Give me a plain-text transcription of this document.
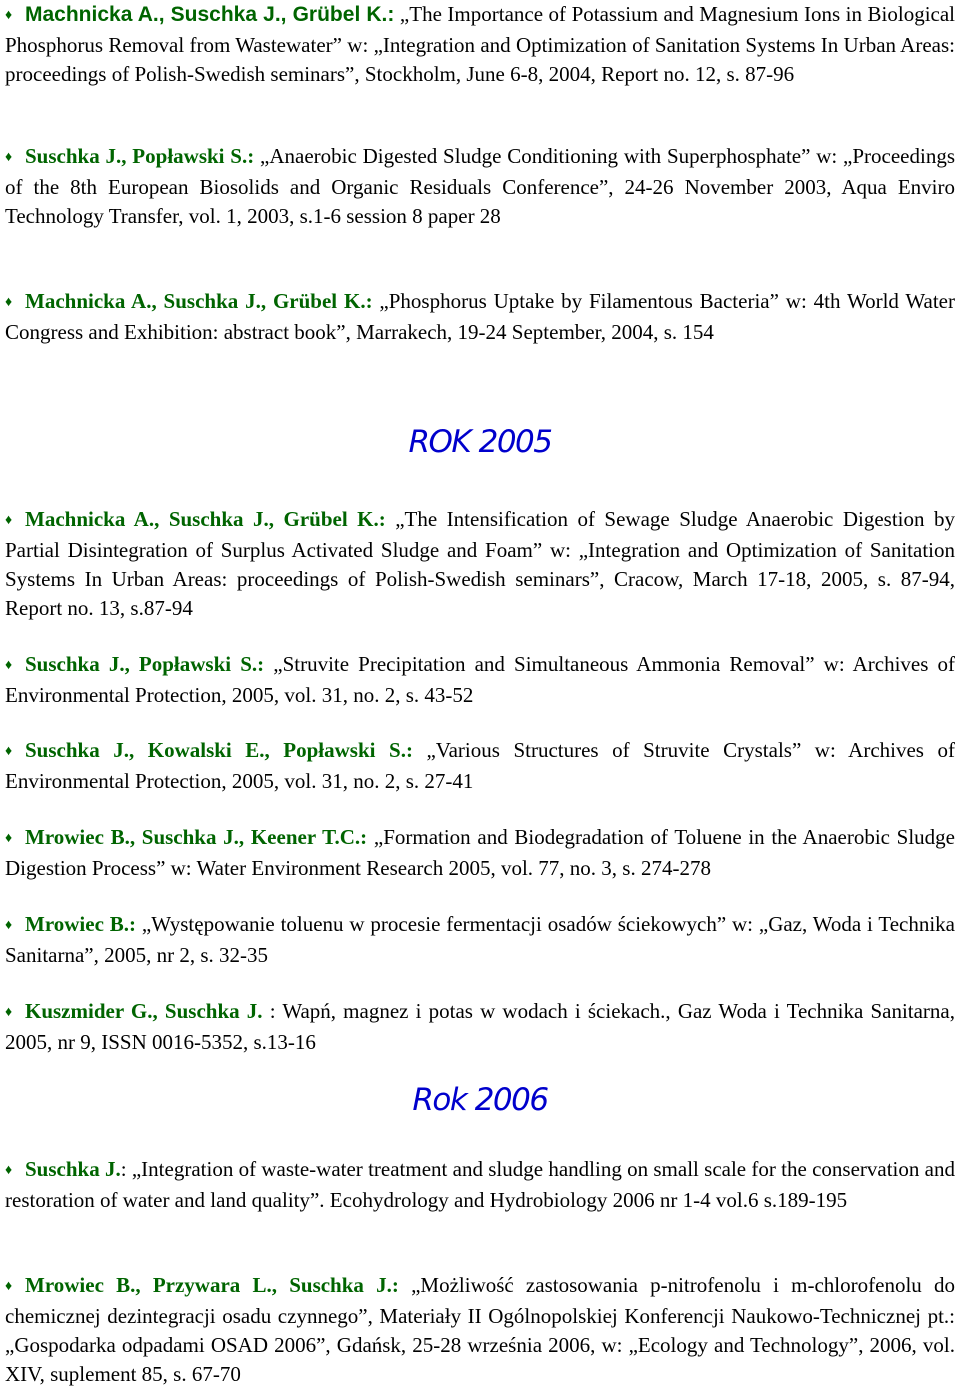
♦ Machnicka A., Suschka J., Grübel K.: „The Importance of Potassium and Magnesium Ions in Biological Phosphorus Removal from Wastewater” w: „Integration and Optimization of Sanitation Systems In Urban Areas: proceedings of Polish-Swedish seminars”, Stockholm, June 6-8, 2004, Report no. 12, s. 87-96
♦ Suschka J., Popławski S.: „Anaerobic Digested Sludge Conditioning with Superphosphate” w: „Proceedings of the 8th European Biosolids and Organic Residuals Conference”, 24-26 November 2003, Aqua Enviro Technology Transfer, vol. 1, 2003, s.1-6 session 8 paper 28
♦ Machnicka A., Suschka J., Grübel K.: „Phosphorus Uptake by Filamentous Bacteria” w: 4th World Water Congress and Exhibition: abstract book”, Marrakech, 19-24 September, 2004, s. 154
ROK 2005
♦ Machnicka A., Suschka J., Grübel K.: „The Intensification of Sewage Sludge Anaerobic Digestion by Partial Disintegration of Surplus Activated Sludge and Foam” w: „Integration and Optimization of Sanitation Systems In Urban Areas: proceedings of Polish-Swedish seminars”, Cracow, March 17-18, 2005, s. 87-94, Report no. 13, s.87-94
♦ Suschka J., Popławski S.: „Struvite Precipitation and Simultaneous Ammonia Removal” w: Archives of Environmental Protection, 2005, vol. 31, no. 2, s. 43-52
♦ Suschka J., Kowalski E., Popławski S.: „Various Structures of Struvite Crystals” w: Archives of Environmental Protection, 2005, vol. 31, no. 2, s. 27-41
♦ Mrowiec B., Suschka J., Keener T.C.: „Formation and Biodegradation of Toluene in the Anaerobic Sludge Digestion Process” w: Water Environment Research 2005, vol. 77, no. 3, s. 274-278
♦ Mrowiec B.: „Występowanie toluenu w procesie fermentacji osadów ściekowych” w: „Gaz, Woda i Technika Sanitarna”, 2005, nr 2, s. 32-35
♦ Kuszmider G., Suschka J. : Wapń, magnez i potas w wodach i ściekach., Gaz Woda i Technika Sanitarna, 2005, nr 9, ISSN 0016-5352, s.13-16
Rok 2006
♦ Suschka J.: „Integration of waste-water treatment and sludge handling on small scale for the conservation and restoration of water and land quality”. Ecohydrology and Hydrobiology 2006 nr 1-4 vol.6 s.189-195
♦ Mrowiec B., Przywara L., Suschka J.: „Możliwość zastosowania p-nitrofenolu i m-chlorofenolu do chemicznej dezintegracji osadu czynnego”, Materiały II Ogólnopolskiej Konferencji Naukowo-Technicznej pt.: „Gospodarka odpadami OSAD 2006”, Gdańsk, 25-28 września 2006, w: „Ecology and Technology”, 2006, vol. XIV, suplement 85, s. 67-70
